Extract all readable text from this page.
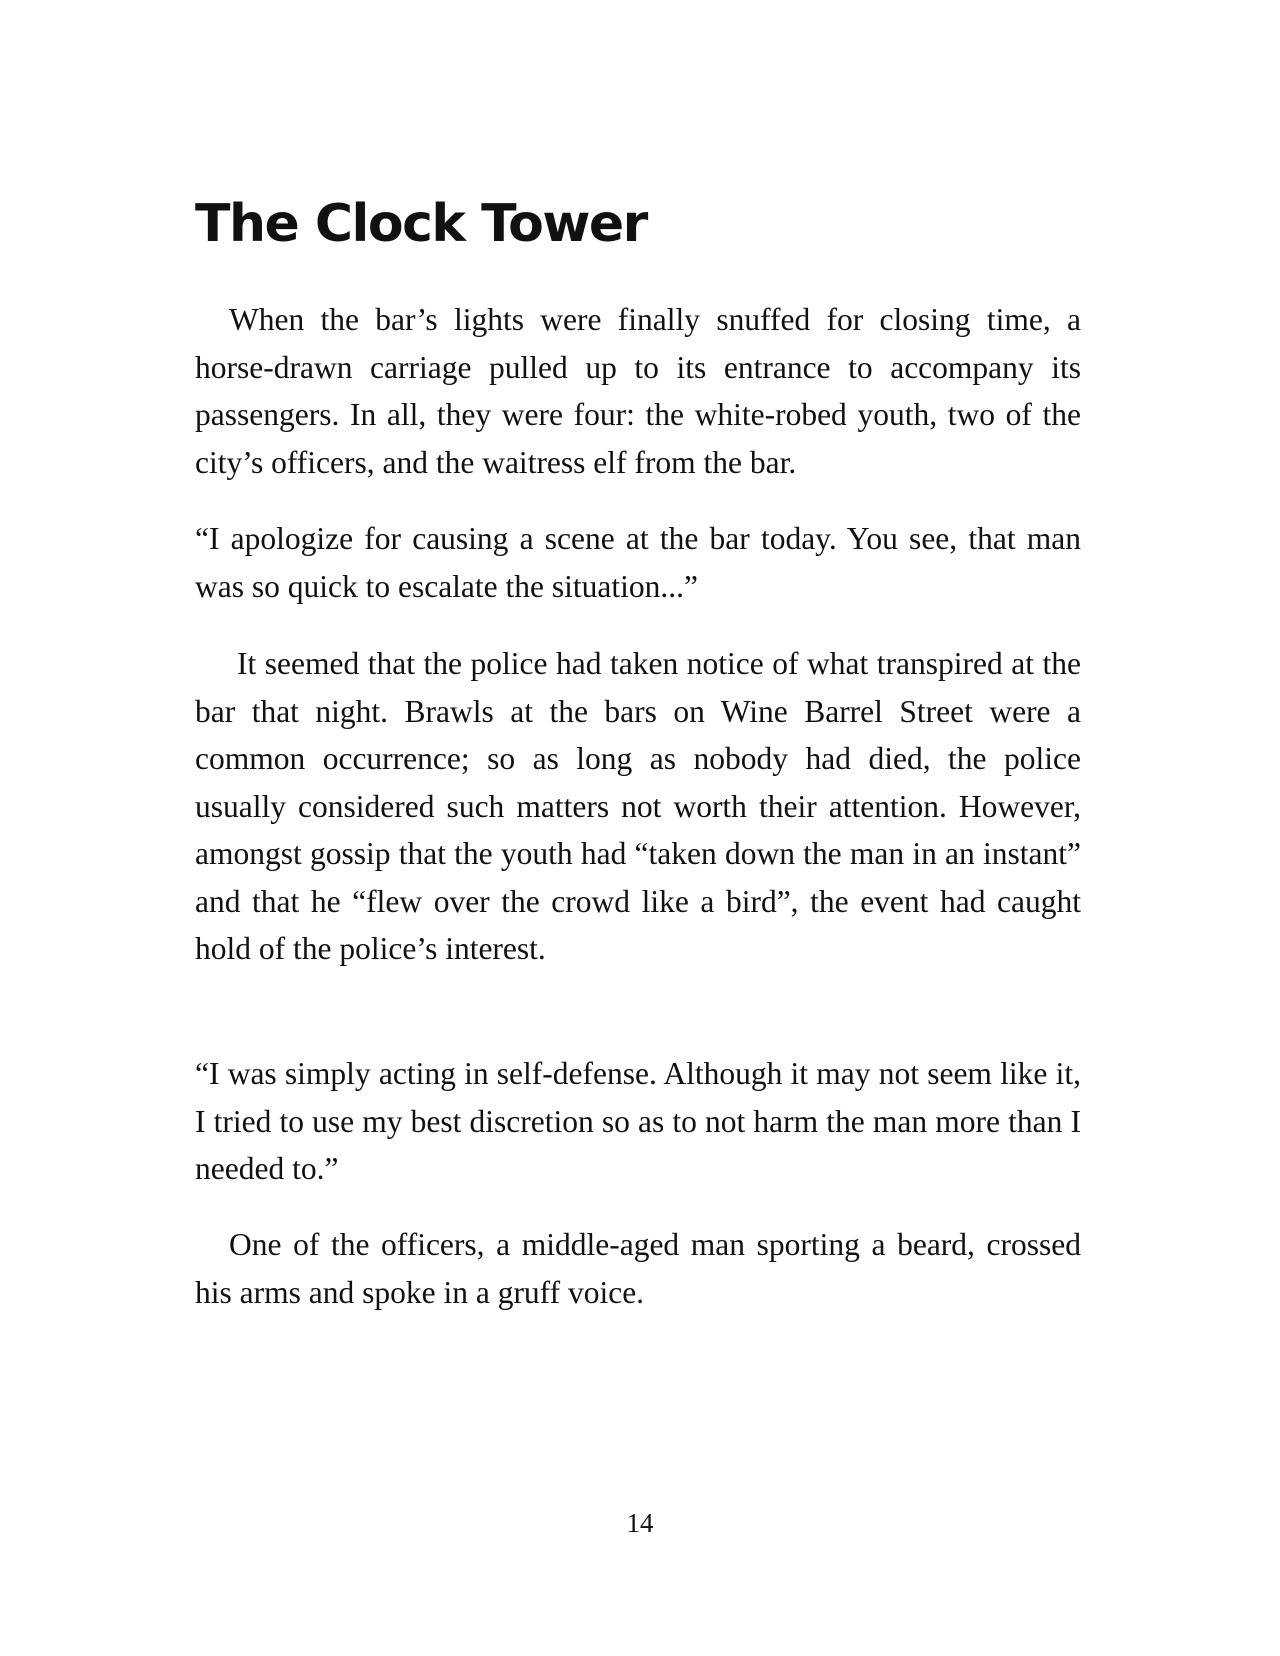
The Clock Tower

When the bar’s lights were finally snuffed for closing time, a horse-drawn carriage pulled up to its entrance to accompany its passengers. In all, they were four: the white-robed youth, two of the city’s officers, and the waitress elf from the bar.

“I apologize for causing a scene at the bar today. You see, that man was so quick to escalate the situation...”

It seemed that the police had taken notice of what transpired at the bar that night. Brawls at the bars on Wine Barrel Street were a common occurrence; so as long as nobody had died, the police usually considered such matters not worth their attention. However, amongst gossip that the youth had “taken down the man in an instant” and that he “flew over the crowd like a bird”, the event had caught hold of the police’s interest.

“I was simply acting in self-defense. Although it may not seem like it, I tried to use my best discretion so as to not harm the man more than I needed to.”

One of the officers, a middle-aged man sporting a beard, crossed his arms and spoke in a gruff voice.

14
